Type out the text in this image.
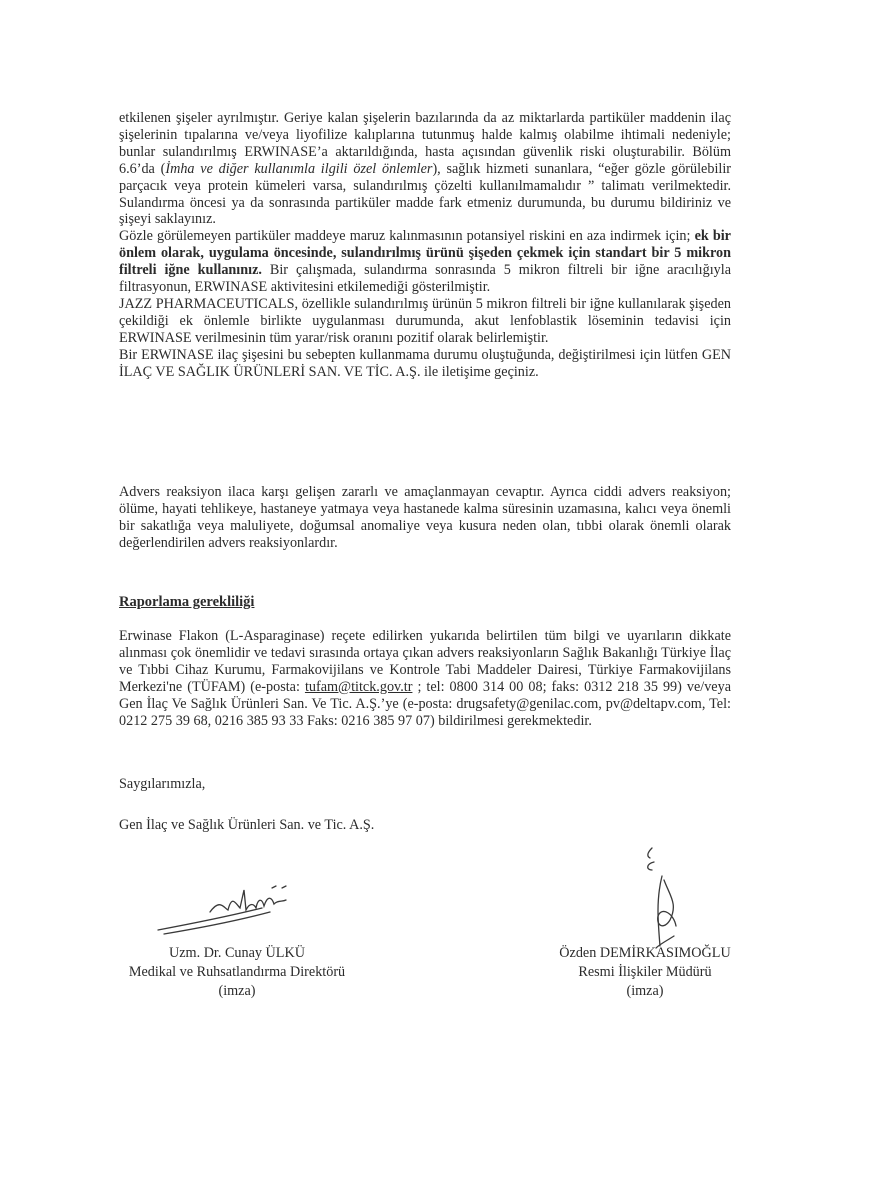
etkilenen şişeler ayrılmıştır. Geriye kalan şişelerin bazılarında da az miktarlarda partiküler maddenin ilaç şişelerinin tıpalarına ve/veya liyofilize kalıplarına tutunmuş halde kalmış olabilme ihtimali nedeniyle; bunlar sulandırılmış ERWINASE’a aktarıldığında, hasta açısından güvenlik riski oluşturabilir. Bölüm 6.6’da (İmha ve diğer kullanımla ilgili özel önlemler), sağlık hizmeti sunanlara, “eğer gözle görülebilir parçacık veya protein kümeleri varsa, sulandırılmış çözelti kullanılmamalıdır ” talimatı verilmektedir. Sulandırma öncesi ya da sonrasında partiküler madde fark etmeniz durumunda, bu durumu bildiriniz ve şişeyi saklayınız.

Gözle görülemeyen partiküler maddeye maruz kalınmasının potansiyel riskini en aza indirmek için; ek bir önlem olarak, uygulama öncesinde, sulandırılmış ürünü şişeden çekmek için standart bir 5 mikron filtreli iğne kullanınız. Bir çalışmada, sulandırma sonrasında 5 mikron filtreli bir iğne aracılığıyla filtrasyonun, ERWINASE aktivitesini etkilemediği gösterilmiştir.

JAZZ PHARMACEUTICALS, özellikle sulandırılmış ürünün 5 mikron filtreli bir iğne kullanılarak şişeden çekildiği ek önlemle birlikte uygulanması durumunda, akut lenfoblastik löseminin tedavisi için ERWINASE verilmesinin tüm yarar/risk oranını pozitif olarak belirlemiştir.

Bir ERWINASE ilaç şişesini bu sebepten kullanmama durumu oluştuğunda, değiştirilmesi için lütfen GEN İLAÇ VE SAĞLIK ÜRÜNLERİ SAN. VE TİC. A.Ş. ile iletişime geçiniz.

Advers reaksiyon ilaca karşı gelişen zararlı ve amaçlanmayan cevaptır. Ayrıca ciddi advers reaksiyon; ölüme, hayati tehlikeye, hastaneye yatmaya veya hastanede kalma süresinin uzamasına, kalıcı veya önemli bir sakatlığa veya maluliyete, doğumsal anomaliye veya kusura neden olan, tıbbi olarak önemli olarak değerlendirilen advers reaksiyonlardır.

Raporlama gerekliliği

Erwinase Flakon (L-Asparaginase) reçete edilirken yukarıda belirtilen tüm bilgi ve uyarıların dikkate alınması çok önemlidir ve tedavi sırasında ortaya çıkan advers reaksiyonların Sağlık Bakanlığı Türkiye İlaç ve Tıbbi Cihaz Kurumu, Farmakovijilans ve Kontrole Tabi Maddeler Dairesi, Türkiye Farmakovijilans Merkezi'ne (TÜFAM) (e-posta: tufam@titck.gov.tr ; tel: 0800 314 00 08; faks: 0312 218 35 99) ve/veya Gen İlaç Ve Sağlık Ürünleri San. Ve Tic. A.Ş.’ye (e-posta: drugsafety@genilac.com, pv@deltapv.com, Tel: 0212 275 39 68, 0216 385 93 33 Faks: 0216 385 97 07) bildirilmesi gerekmektedir.

Saygılarımızla,

Gen İlaç ve Sağlık Ürünleri San. ve Tic. A.Ş.

Uzm. Dr. Cunay ÜLKÜ
Medikal ve Ruhsatlandırma Direktörü
(imza)
Özden DEMİRKASIMOĞLU
Resmi İlişkiler Müdürü
(imza)
